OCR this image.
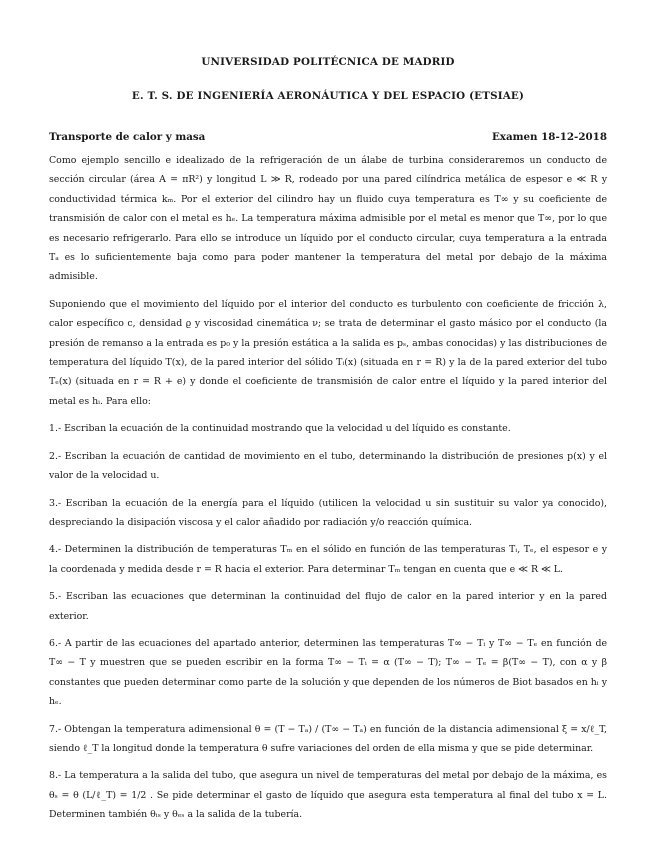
UNIVERSIDAD POLITÉCNICA DE MADRID
E. T. S. DE INGENIERÍA AERONÁUTICA Y DEL ESPACIO (ETSIAE)
Transporte de calor y masa	Examen 18-12-2018

Como ejemplo sencillo e idealizado de la refrigeración de un álabe de turbina consideraremos un conducto de sección circular (área A = πR²) y longitud L ≫ R, rodeado por una pared cilíndrica metálica de espesor e ≪ R y conductividad térmica kₘ. Por el exterior del cilindro hay un fluido cuya temperatura es T∞ y su coeficiente de transmisión de calor con el metal es hₑ. La temperatura máxima admisible por el metal es menor que T∞, por lo que es necesario refrigerarlo. Para ello se introduce un líquido por el conducto circular, cuya temperatura a la entrada Tₐ es lo suficientemente baja como para poder mantener la temperatura del metal por debajo de la máxima admisible.

Suponiendo que el movimiento del líquido por el interior del conducto es turbulento con coeficiente de fricción λ, calor específico c, densidad ϱ y viscosidad cinemática ν; se trata de determinar el gasto másico por el conducto (la presión de remanso a la entrada es p₀ y la presión estática a la salida es pₛ, ambas conocidas) y las distribuciones de temperatura del líquido T(x), de la pared interior del sólido Tᵢ(x) (situada en r = R) y la de la pared exterior del tubo Tₑ(x) (situada en r = R + e) y donde el coeficiente de transmisión de calor entre el líquido y la pared interior del metal es hᵢ. Para ello:

1.- Escriban la ecuación de la continuidad mostrando que la velocidad u del líquido es constante.

2.- Escriban la ecuación de cantidad de movimiento en el tubo, determinando la distribución de presiones p(x) y el valor de la velocidad u.

3.- Escriban la ecuación de la energía para el líquido (utilicen la velocidad u sin sustituir su valor ya conocido), despreciando la disipación viscosa y el calor añadido por radiación y/o reacción química.

4.- Determinen la distribución de temperaturas Tₘ en el sólido en función de las temperaturas Tᵢ, Tₑ, el espesor e y la coordenada y medida desde r = R hacia el exterior. Para determinar Tₘ tengan en cuenta que e ≪ R ≪ L.

5.- Escriban las ecuaciones que determinan la continuidad del flujo de calor en la pared interior y en la pared exterior.

6.- A partir de las ecuaciones del apartado anterior, determinen las temperaturas T∞ − Tᵢ y T∞ − Tₑ en función de T∞ − T y muestren que se pueden escribir en la forma T∞ − Tᵢ = α (T∞ − T); T∞ − Tₑ = β(T∞ − T), con α y β constantes que pueden determinar como parte de la solución y que dependen de los números de Biot basados en hᵢ y hₑ.

7.- Obtengan la temperatura adimensional θ = (T − Tₐ) / (T∞ − Tₐ) en función de la distancia adimensional ξ = x/ℓ_T, siendo ℓ_T la longitud donde la temperatura θ sufre variaciones del orden de ella misma y que se pide determinar.

8.- La temperatura a la salida del tubo, que asegura un nivel de temperaturas del metal por debajo de la máxima, es θₛ = θ (L/ℓ_T) = 1/2 . Se pide determinar el gasto de líquido que asegura esta temperatura al final del tubo x = L. Determinen también θᵢₛ y θₑₛ a la salida de la tubería.
